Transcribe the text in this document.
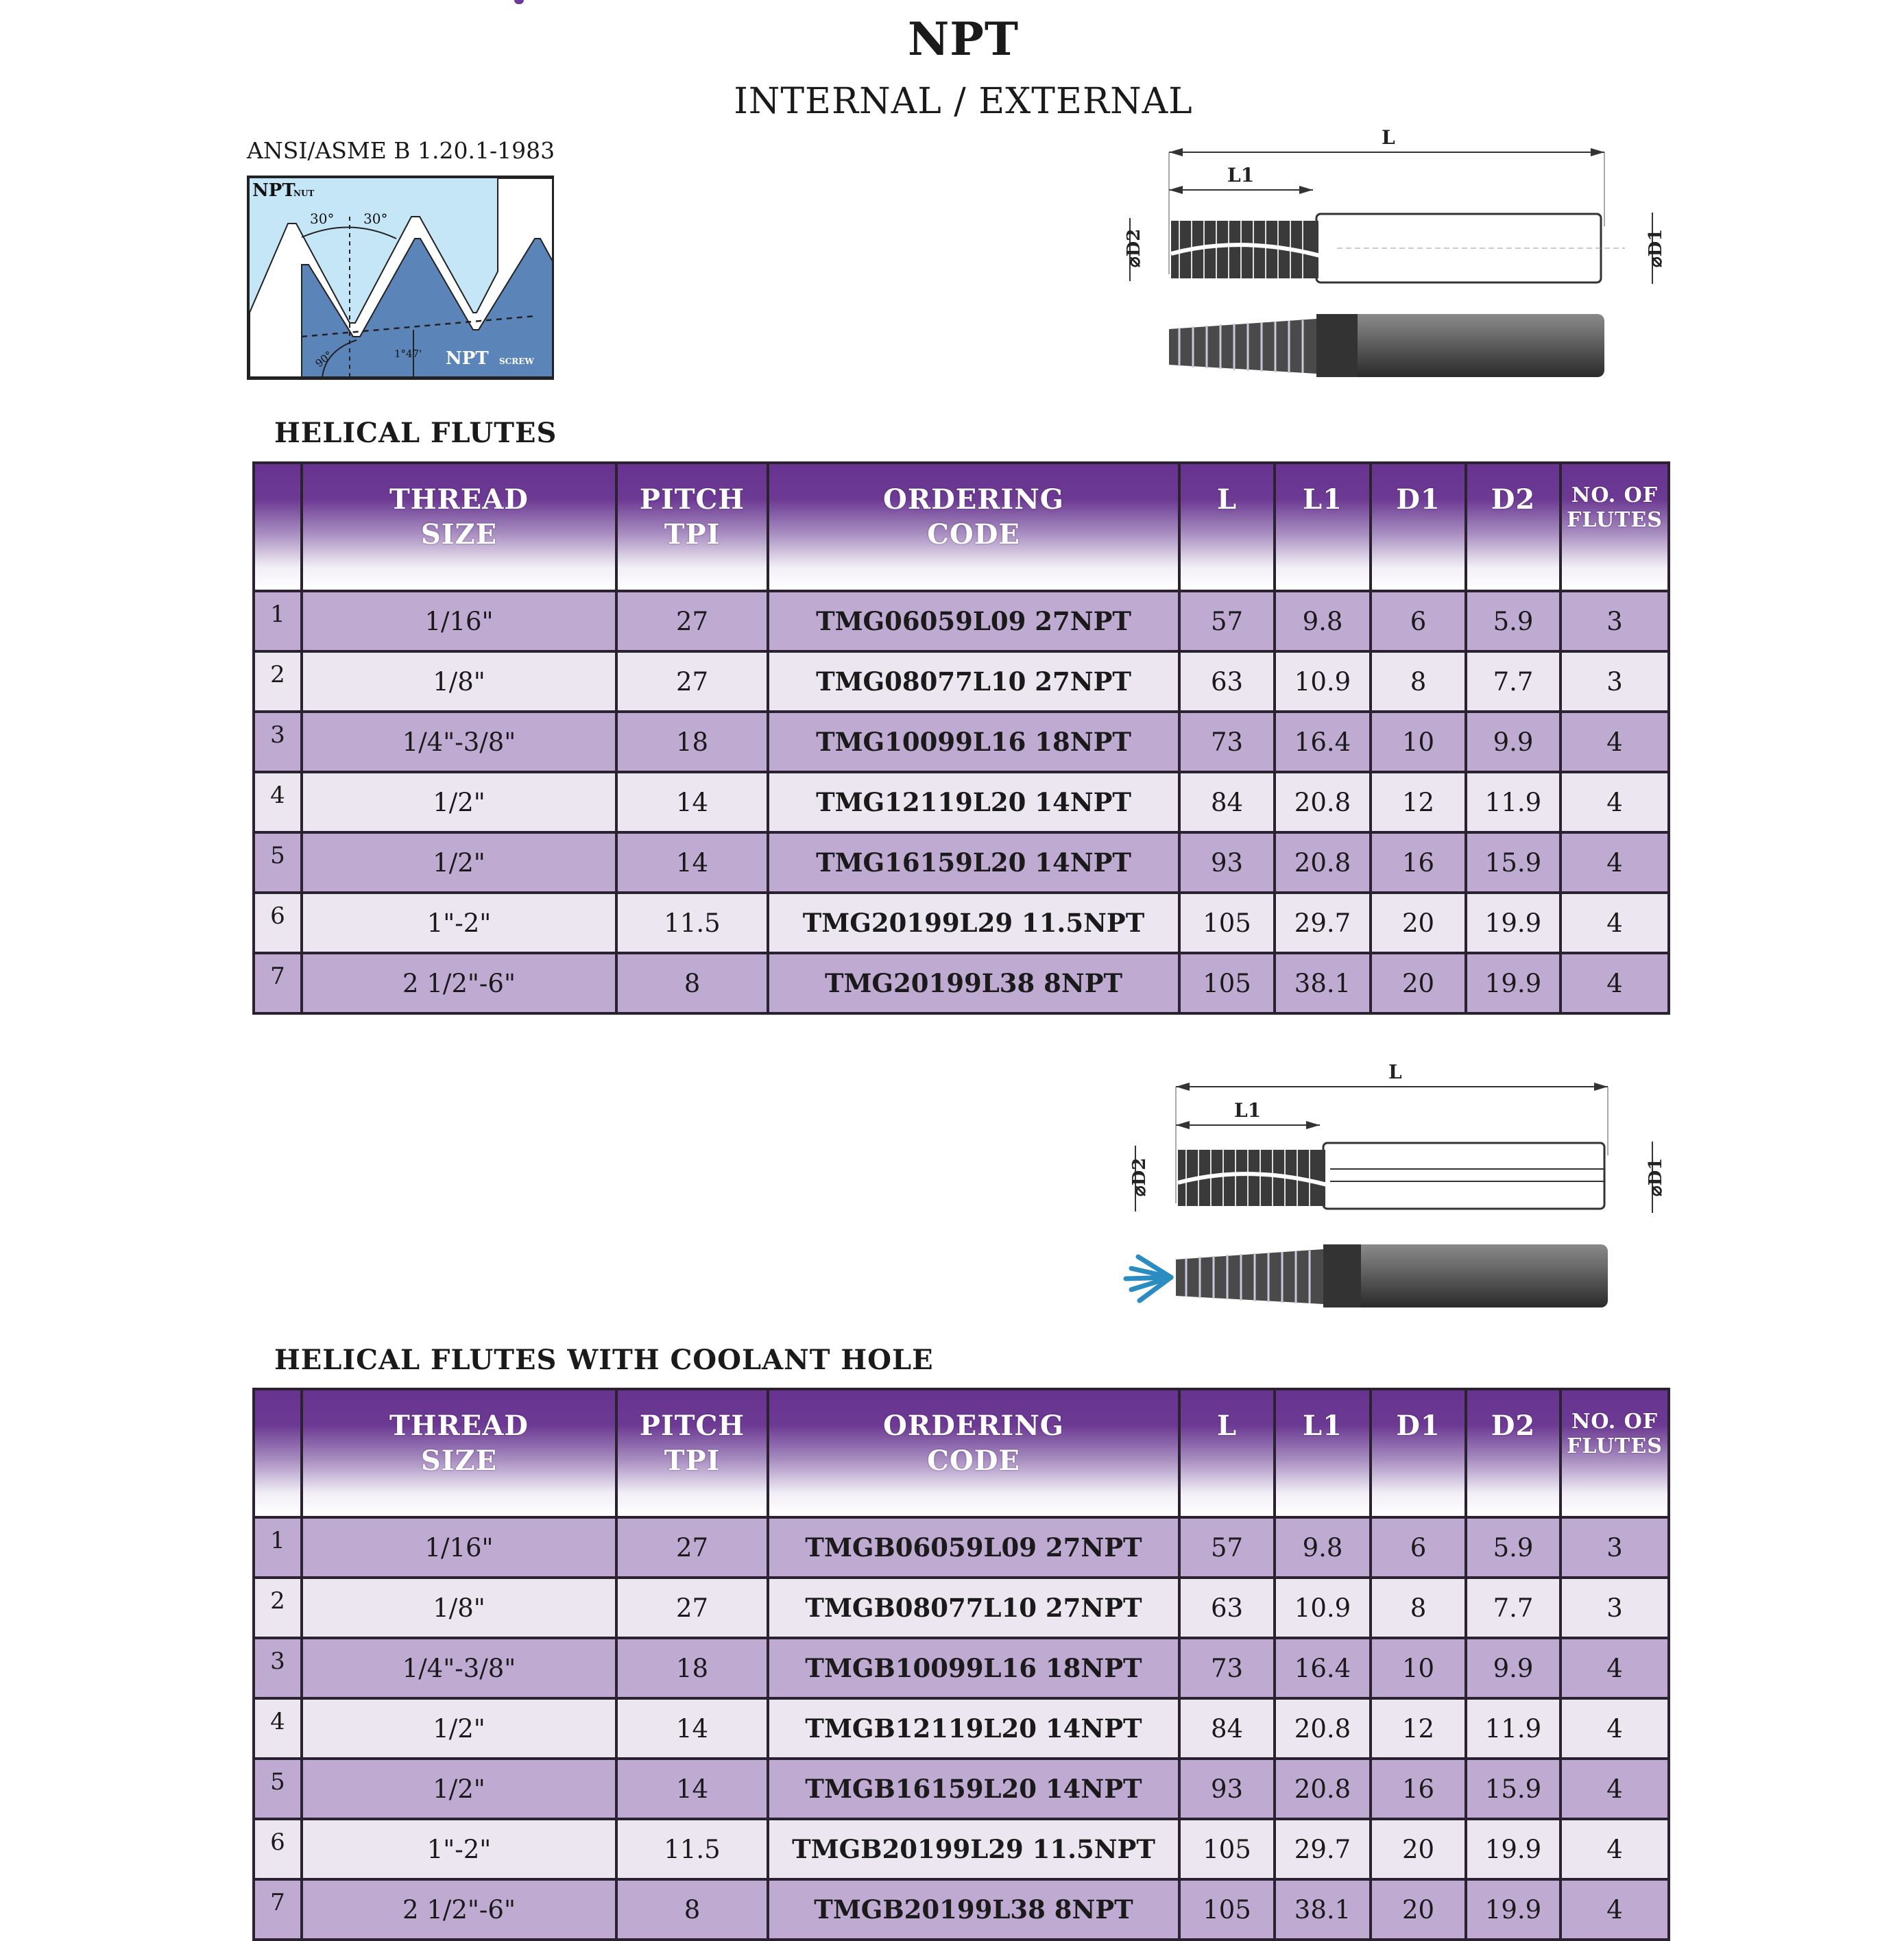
NPT
INTERNAL / EXTERNAL
ANSI/ASME B 1.20.1-1983
NPT
NUT
30° 30°
90°	1°47' NPT SCREW
L
L1
⌀D2	⌀D1
L
L1
⌀D2	⌀D1
HELICAL FLUTES

	THREAD
SIZE	PITCH
TPI	ORDERING
CODE	L	L1	D1	D2	NO. OF
FLUTES

1	1/16"	27	TMG06059L09 27NPT	57	9.8	6	5.9	3
2	1/8"	27	TMG08077L10 27NPT	63	10.9	8	7.7	3
3	1/4"-3/8"	18	TMG10099L16 18NPT	73	16.4	10	9.9	4
4	1/2"	14	TMG12119L20 14NPT	84	20.8	12	11.9	4
5	1/2"	14	TMG16159L20 14NPT	93	20.8	16	15.9	4
6	1"-2"	11.5	TMG20199L29 11.5NPT	105	29.7	20	19.9	4
7	2 1/2"-6"	8	TMG20199L38 8NPT	105	38.1	20	19.9	4
HELICAL FLUTES WITH COOLANT HOLE

	THREAD
SIZE	PITCH
TPI	ORDERING
CODE	L	L1	D1	D2	NO. OF
FLUTES

1	1/16"	27	TMGB06059L09 27NPT	57	9.8	6	5.9	3
2	1/8"	27	TMGB08077L10 27NPT	63	10.9	8	7.7	3
3	1/4"-3/8"	18	TMGB10099L16 18NPT	73	16.4	10	9.9	4
4	1/2"	14	TMGB12119L20 14NPT	84	20.8	12	11.9	4
5	1/2"	14	TMGB16159L20 14NPT	93	20.8	16	15.9	4
6	1"-2"	11.5	TMGB20199L29 11.5NPT	105	29.7	20	19.9	4
7	2 1/2"-6"	8	TMGB20199L38 8NPT	105	38.1	20	19.9	4
